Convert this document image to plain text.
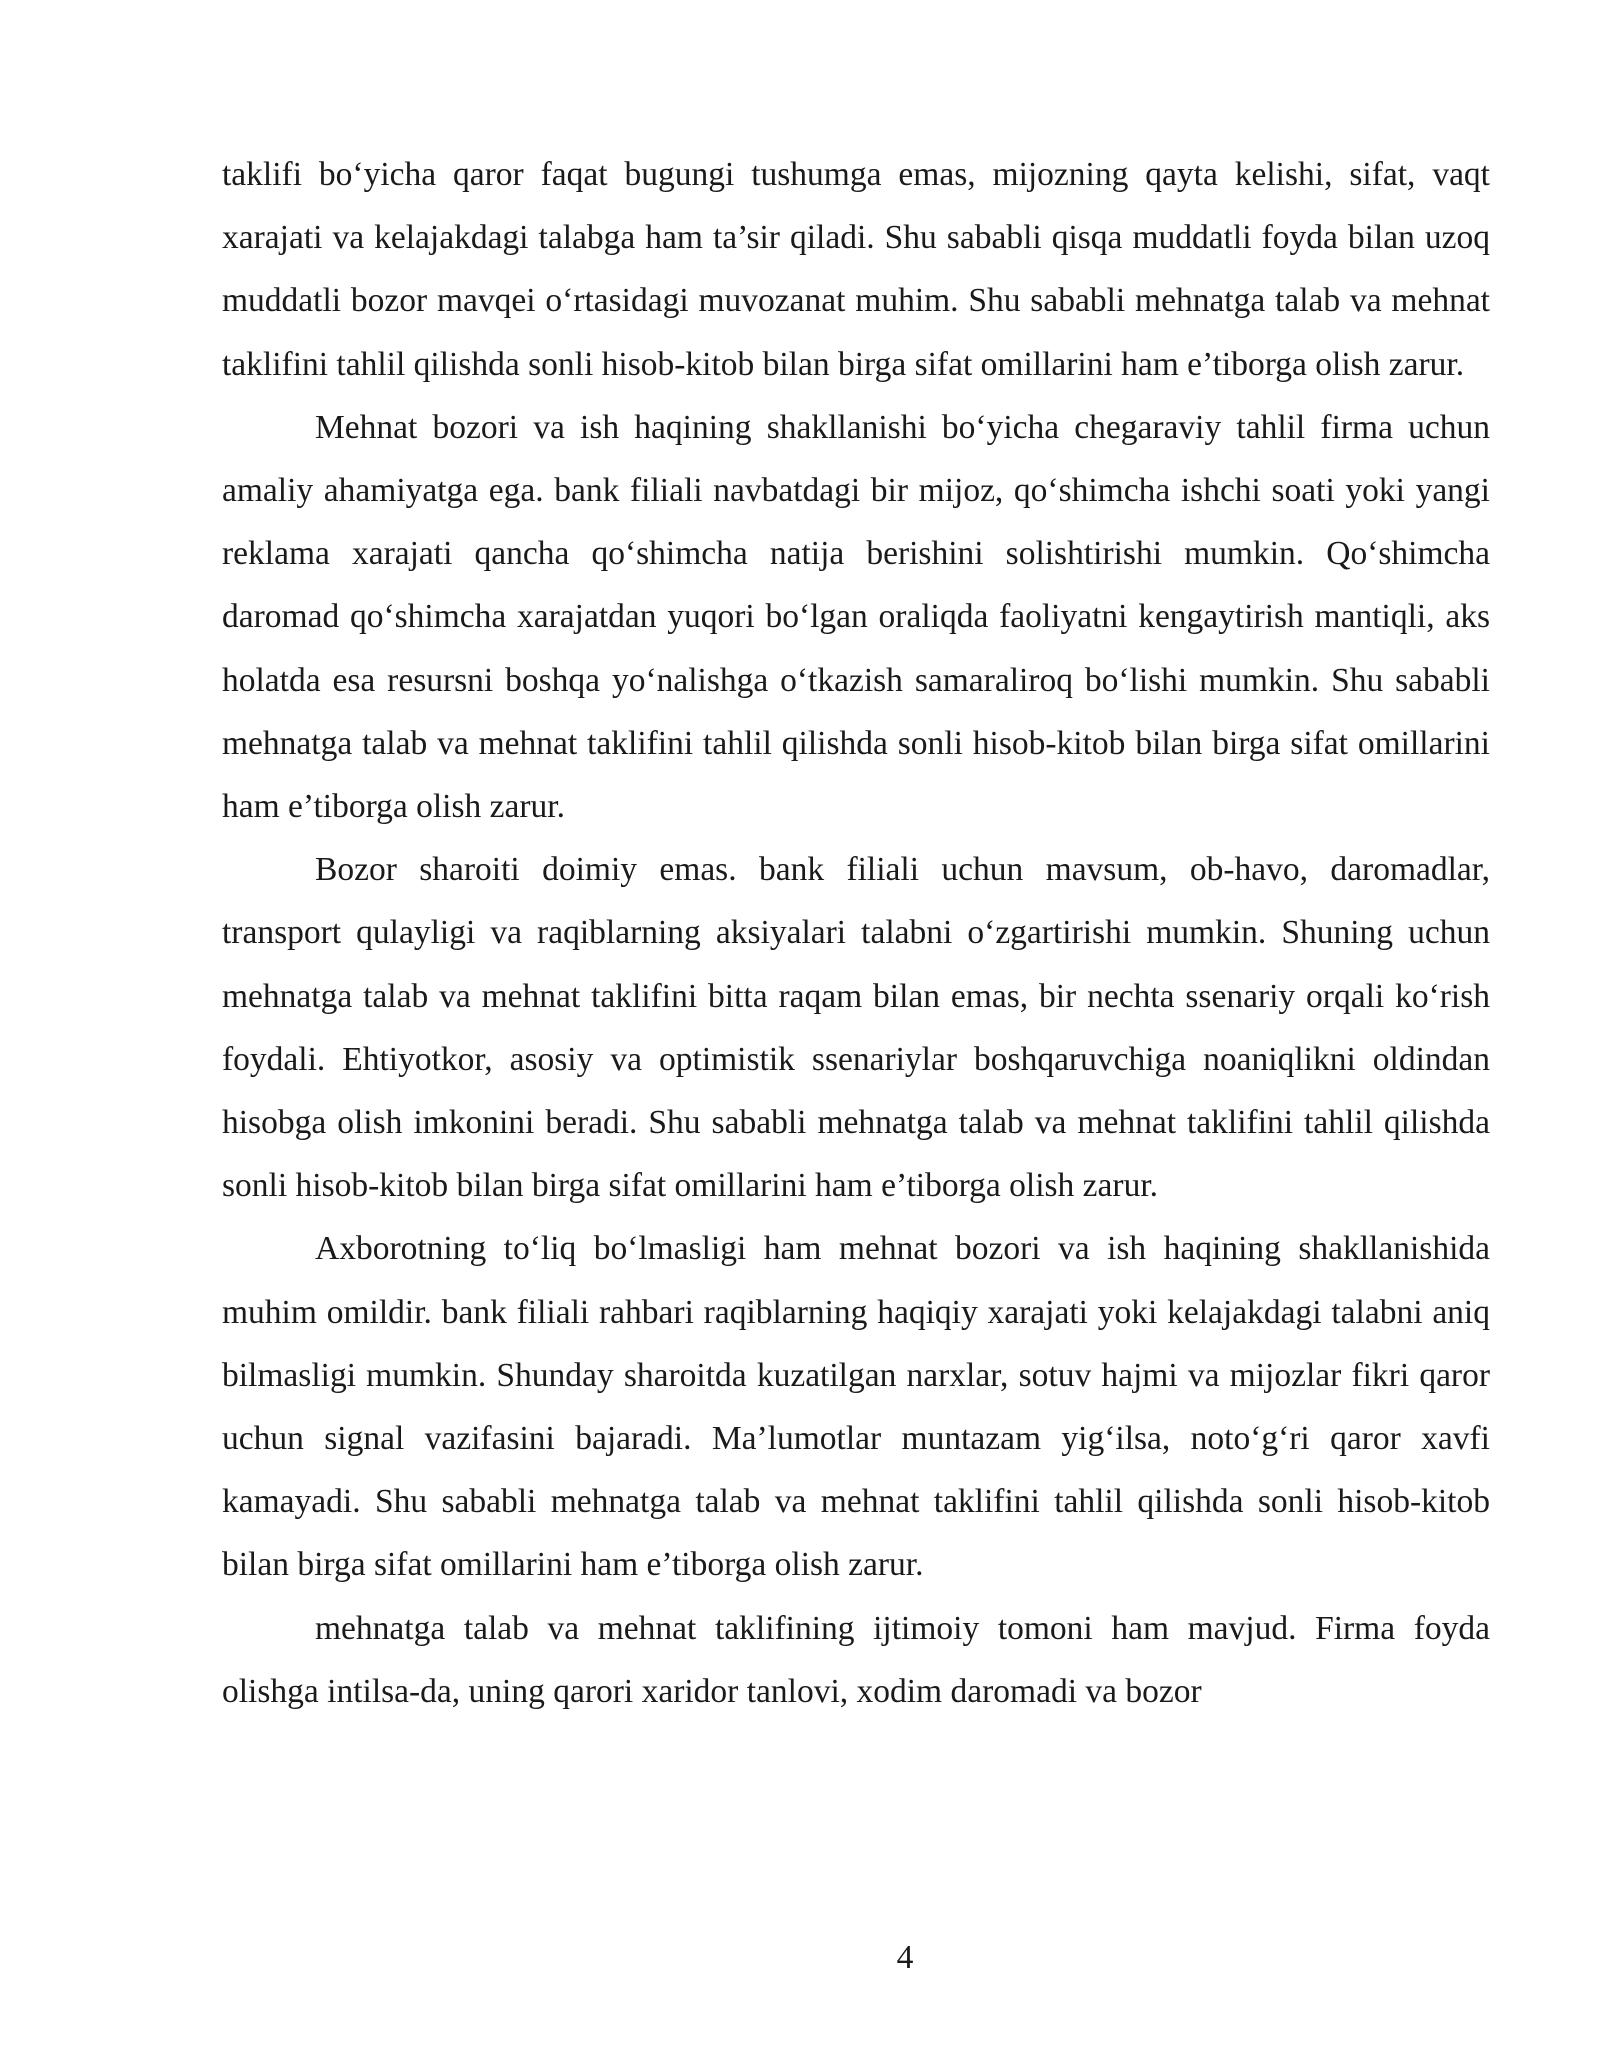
taklifi bo‘yicha qaror faqat bugungi tushumga emas, mijozning qayta kelishi, sifat, vaqt xarajati va kelajakdagi talabga ham ta’sir qiladi. Shu sababli qisqa muddatli foyda bilan uzoq muddatli bozor mavqei o‘rtasidagi muvozanat muhim. Shu sababli mehnatga talab va mehnat taklifini tahlil qilishda sonli hisob-kitob bilan birga sifat omillarini ham e’tiborga olish zarur.

Mehnat bozori va ish haqining shakllanishi bo‘yicha chegaraviy tahlil firma uchun amaliy ahamiyatga ega. bank filiali navbatdagi bir mijoz, qo‘shimcha ishchi soati yoki yangi reklama xarajati qancha qo‘shimcha natija berishini solishtirishi mumkin. Qo‘shimcha daromad qo‘shimcha xarajatdan yuqori bo‘lgan oraliqda faoliyatni kengaytirish mantiqli, aks holatda esa resursni boshqa yo‘nalishga o‘tkazish samaraliroq bo‘lishi mumkin. Shu sababli mehnatga talab va mehnat taklifini tahlil qilishda sonli hisob-kitob bilan birga sifat omillarini ham e’tiborga olish zarur.

Bozor sharoiti doimiy emas. bank filiali uchun mavsum, ob-havo, daromadlar, transport qulayligi va raqiblarning aksiyalari talabni o‘zgartirishi mumkin. Shuning uchun mehnatga talab va mehnat taklifini bitta raqam bilan emas, bir nechta ssenariy orqali ko‘rish foydali. Ehtiyotkor, asosiy va optimistik ssenariylar boshqaruvchiga noaniqlikni oldindan hisobga olish imkonini beradi. Shu sababli mehnatga talab va mehnat taklifini tahlil qilishda sonli hisob-kitob bilan birga sifat omillarini ham e’tiborga olish zarur.

Axborotning to‘liq bo‘lmasligi ham mehnat bozori va ish haqining shakllanishida muhim omildir. bank filiali rahbari raqiblarning haqiqiy xarajati yoki kelajakdagi talabni aniq bilmasligi mumkin. Shunday sharoitda kuzatilgan narxlar, sotuv hajmi va mijozlar fikri qaror uchun signal vazifasini bajaradi. Ma’lumotlar muntazam yig‘ilsa, noto‘g‘ri qaror xavfi kamayadi. Shu sababli mehnatga talab va mehnat taklifini tahlil qilishda sonli hisob-kitob bilan birga sifat omillarini ham e’tiborga olish zarur.

mehnatga talab va mehnat taklifining ijtimoiy tomoni ham mavjud. Firma foyda olishga intilsa-da, uning qarori xaridor tanlovi, xodim daromadi va bozor

4
